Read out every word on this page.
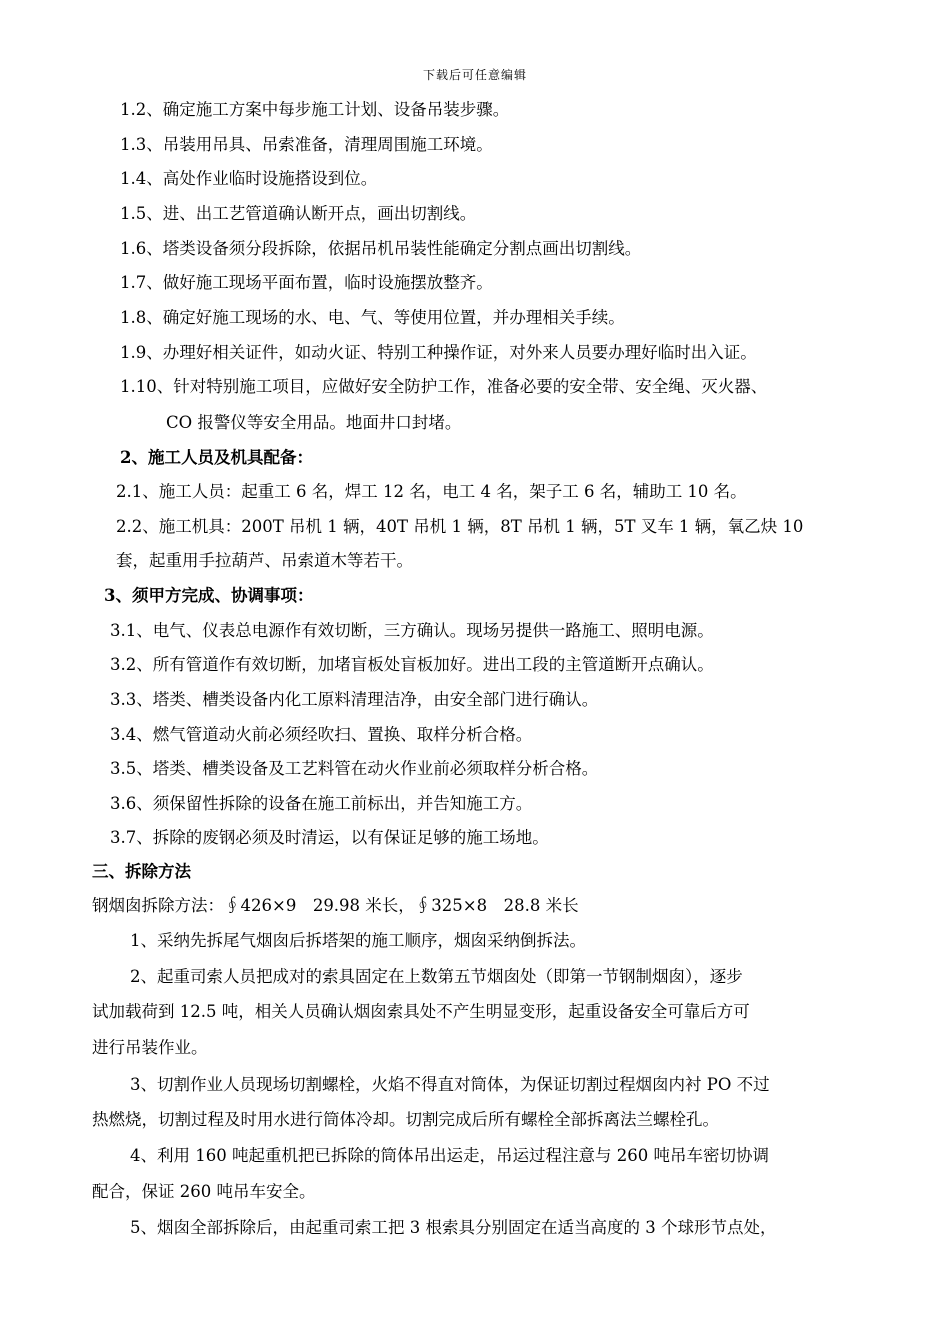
下载后可任意编辑
1.2、确定施工方案中每步施工计划、设备吊装步骤。
1.3、吊装用吊具、吊索准备，清理周围施工环境。
1.4、高处作业临时设施搭设到位。
1.5、进、出工艺管道确认断开点，画出切割线。
1.6、塔类设备须分段拆除，依据吊机吊装性能确定分割点画出切割线。
1.7、做好施工现场平面布置，临时设施摆放整齐。
1.8、确定好施工现场的水、电、气、等使用位置，并办理相关手续。
1.9、办理好相关证件，如动火证、特别工种操作证，对外来人员要办理好临时出入证。
1.10、针对特别施工项目，应做好安全防护工作，准备必要的安全带、安全绳、灭火器、
CO 报警仪等安全用品。地面井口封堵。
2、施工人员及机具配备：
2.1、施工人员：起重工 6 名，焊工 12 名，电工 4 名，架子工 6 名，辅助工 10 名。
2.2、施工机具：200T 吊机 1 辆，40T 吊机 1 辆，8T 吊机 1 辆，5T 叉车 1 辆，氧乙炔 10
套，起重用手拉葫芦、吊索道木等若干。
3、须甲方完成、协调事项：
3.1、电气、仪表总电源作有效切断，三方确认。现场另提供一路施工、照明电源。
3.2、所有管道作有效切断，加堵盲板处盲板加好。进出工段的主管道断开点确认。
3.3、塔类、槽类设备内化工原料清理洁净，由安全部门进行确认。
3.4、燃气管道动火前必须经吹扫、置换、取样分析合格。
3.5、塔类、槽类设备及工艺料管在动火作业前必须取样分析合格。
3.6、须保留性拆除的设备在施工前标出，并告知施工方。
3.7、拆除的废钢必须及时清运，以有保证足够的施工场地。
三、拆除方法
钢烟囱拆除方法：∮426×9　29.98 米长，∮325×8　28.8 米长
1、采纳先拆尾气烟囱后拆塔架的施工顺序，烟囱采纳倒拆法。
2、起重司索人员把成对的索具固定在上数第五节烟囱处（即第一节钢制烟囱），逐步
试加载荷到 12.5 吨，相关人员确认烟囱索具处不产生明显变形，起重设备安全可靠后方可
进行吊装作业。
3、切割作业人员现场切割螺栓，火焰不得直对筒体，为保证切割过程烟囱内衬 PO 不过
热燃烧，切割过程及时用水进行筒体冷却。切割完成后所有螺栓全部拆离法兰螺栓孔。
4、利用 160 吨起重机把已拆除的筒体吊出运走，吊运过程注意与 260 吨吊车密切协调
配合，保证 260 吨吊车安全。
5、烟囱全部拆除后，由起重司索工把 3 根索具分别固定在适当高度的 3 个球形节点处，
